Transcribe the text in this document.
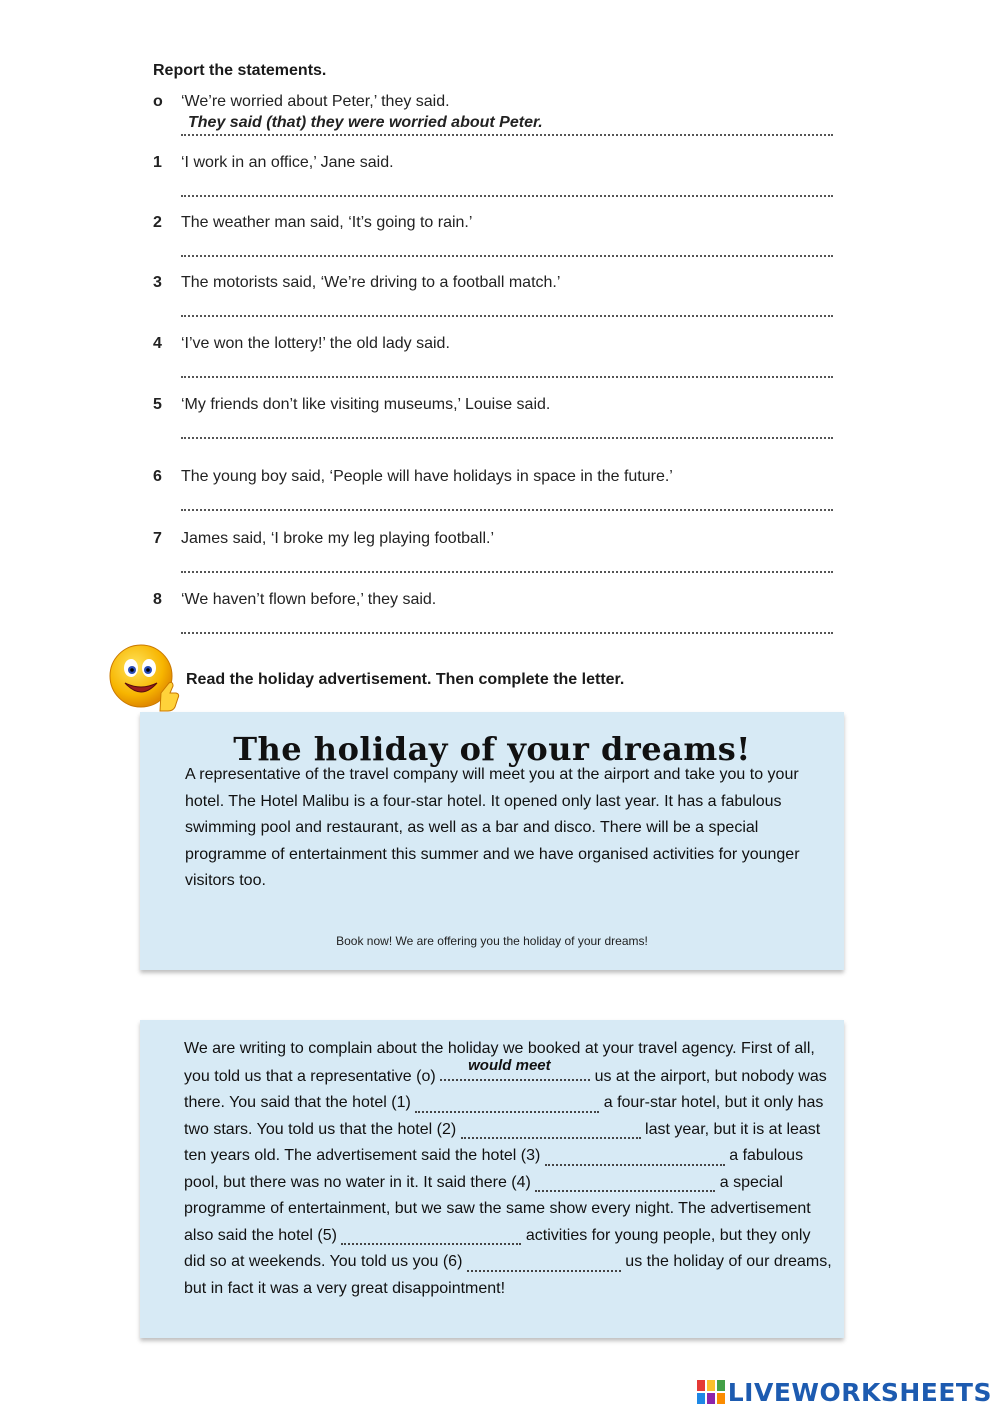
Report the statements.
o ‘We’re worried about Peter,’ they said.
They said (that) they were worried about Peter.
1 ‘I work in an office,’ Jane said.
2 The weather man said, ‘It’s going to rain.’
3 The motorists said, ‘We’re driving to a football match.’
4 ‘I’ve won the lottery!’ the old lady said.
5 ‘My friends don’t like visiting museums,’ Louise said.
6 The young boy said, ‘People will have holidays in space in the future.’
7 James said, ‘I broke my leg playing football.’
8 ‘We haven’t flown before,’ they said.
Read the holiday advertisement. Then complete the letter.
The holiday of your dreams!
A representative of the travel company will meet you at the airport and take you to your hotel. The Hotel Malibu is a four-star hotel. It opened only last year. It has a fabulous swimming pool and restaurant, as well as a bar and disco. There will be a special programme of entertainment this summer and we have organised activities for younger visitors too.
Book now! We are offering you the holiday of your dreams!
We are writing to complain about the holiday we booked at your travel agency. First of all, you told us that a representative (o)
would meet
us at the airport, but nobody was there. You said that the hotel (1)	a four-star hotel, but it only has two stars. You told us that the hotel (2)	last year, but it is at least ten years old. The advertisement said the hotel (3)	a fabulous pool, but there was no water in it. It said there (4)	a special programme of entertainment, but we saw the same show every night. The advertisement also said the hotel (5)	activities for young people, but they only did so at weekends. You told us you (6)	us the holiday of our dreams, but in fact it was a very great disappointment!
LIVEWORKSHEETS
